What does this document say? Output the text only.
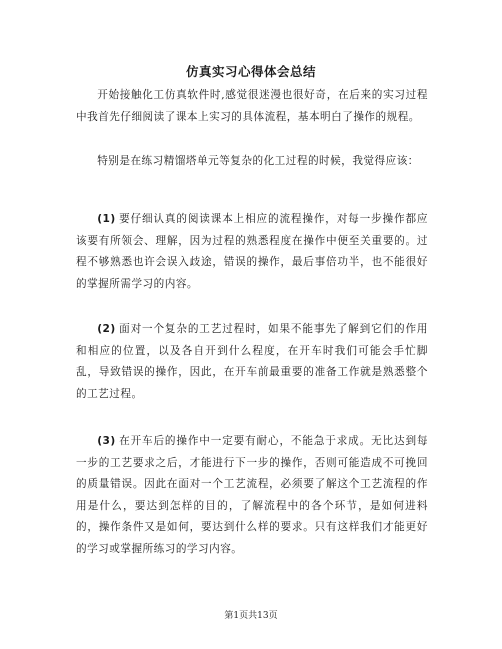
仿真实习心得体会总结

开始接触化工仿真软件时,感觉很迷漫也很好奇，在后来的实习过程中我首先仔细阅读了课本上实习的具体流程，基本明白了操作的规程。

特别是在练习精馏塔单元等复杂的化工过程的时候，我觉得应该：

(1) 要仔细认真的阅读课本上相应的流程操作，对每一步操作都应该要有所领会、理解，因为过程的熟悉程度在操作中便至关重要的。过程不够熟悉也许会误入歧途，错误的操作，最后事倍功半，也不能很好的掌握所需学习的内容。

(2) 面对一个复杂的工艺过程时，如果不能事先了解到它们的作用和相应的位置，以及各自开到什么程度，在开车时我们可能会手忙脚乱，导致错误的操作，因此，在开车前最重要的准备工作就是熟悉整个的工艺过程。

(3) 在开车后的操作中一定要有耐心，不能急于求成。无比达到每一步的工艺要求之后，才能进行下一步的操作，否则可能造成不可挽回的质量错误。因此在面对一个工艺流程，必须要了解这个工艺流程的作用是什么，要达到怎样的目的，了解流程中的各个环节，是如何进料的，操作条件又是如何，要达到什么样的要求。只有这样我们才能更好的学习或掌握所练习的学习内容。

第1页共13页
